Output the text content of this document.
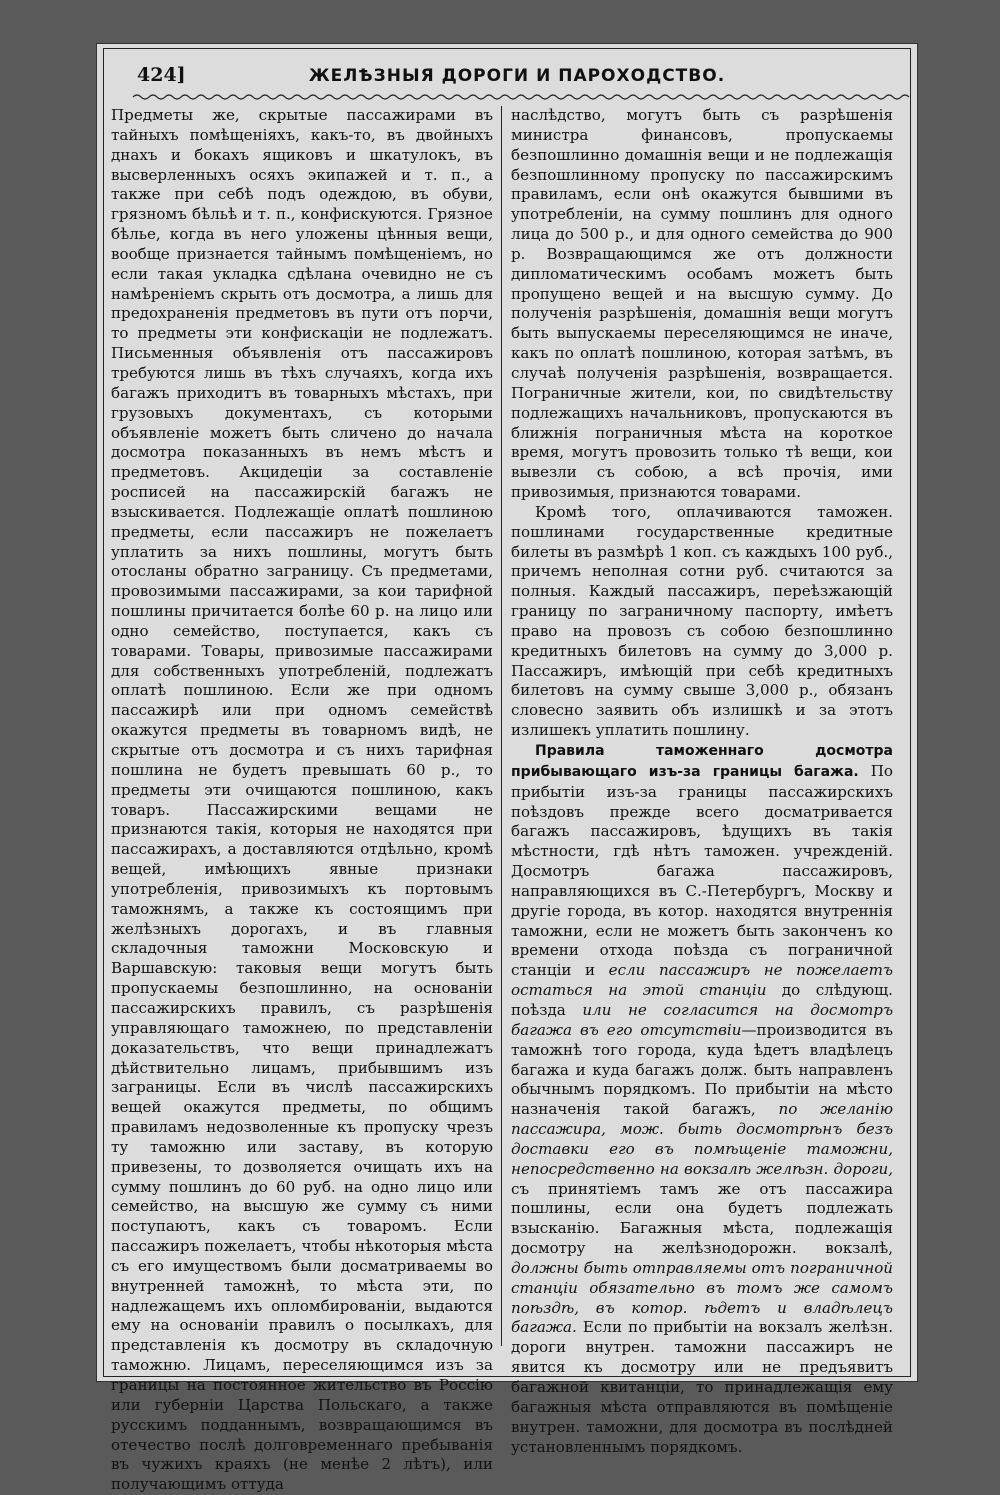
424]	ЖЕЛѢЗНЫЯ ДОРОГИ И ПАРОХОДСТВО.

Предметы же, скрытые пассажирами въ тайныхъ помѣщеніяхъ, какъ-то, въ двойныхъ днахъ и бокахъ ящиковъ и шкатулокъ, въ высверленныхъ осяхъ экипажей и т. п., а также при себѣ подъ одеждою, въ обуви, грязномъ бѣльѣ и т. п., конфискуются. Грязное бѣлье, когда въ него уложены цѣнныя вещи, вообще признается тайнымъ помѣщеніемъ, но если такая укладка сдѣлана очевидно не съ намѣреніемъ скрыть отъ досмотра, а лишь для предохраненія предметовъ въ пути отъ порчи, то предметы эти конфискаціи не подлежатъ. Письменныя объявленія отъ пассажировъ требуются лишь въ тѣхъ случаяхъ, когда ихъ багажъ приходитъ въ товарныхъ мѣстахъ, при грузовыхъ документахъ, съ которыми объявленіе можетъ быть сличено до начала досмотра показанныхъ въ немъ мѣстъ и предметовъ. Акцидеціи за составленіе росписей на пассажирскій багажъ не взыскивается. Подлежащіе оплатѣ пошлиною предметы, если пассажиръ не пожелаетъ уплатить за нихъ пошлины, могутъ быть отосланы обратно заграницу. Съ предметами, провозимыми пассажирами, за кои тарифной пошлины причитается болѣе 60 р. на лицо или одно семейство, поступается, какъ съ товарами. Товары, привозимые пассажирами для собственныхъ употребленій, подлежатъ оплатѣ пошлиною. Если же при одномъ пассажирѣ или при одномъ семействѣ окажутся предметы въ товарномъ видѣ, не скрытые отъ досмотра и съ нихъ тарифная пошлина не будетъ превышать 60 р., то предметы эти очищаются пошлиною, какъ товаръ. Пассажирскими вещами не признаются такія, которыя не находятся при пассажирахъ, а доставляются отдѣльно, кромѣ вещей, имѣющихъ явные признаки употребленія, привозимыхъ къ портовымъ таможнямъ, а также къ состоящимъ при желѣзныхъ дорогахъ, и въ главныя складочныя таможни Московскую и Варшавскую: таковыя вещи могутъ быть пропускаемы безпошлинно, на основаніи пассажирскихъ правилъ, съ разрѣшенія управляющаго таможнею, по представленіи доказательствъ, что вещи принадлежатъ дѣйствительно лицамъ, прибывшимъ изъ заграницы. Если въ числѣ пассажирскихъ вещей окажутся предметы, по общимъ правиламъ недозволенные къ пропуску чрезъ ту таможню или заставу, въ которую привезены, то дозволяется очищать ихъ на сумму пошлинъ до 60 руб. на одно лицо или семейство, на высшую же сумму съ ними поступаютъ, какъ съ товаромъ. Если пассажиръ пожелаетъ, чтобы нѣкоторыя мѣста съ его имуществомъ были досматриваемы во внутренней таможнѣ, то мѣста эти, по надлежащемъ ихъ опломбированіи, выдаются ему на основаніи правилъ о посылкахъ, для представленія къ досмотру въ складочную таможню. Лицамъ, переселяющимся изъ за границы на постоянное жительство въ Россію или губерніи Царства Польскаго, а также русскимъ подданнымъ, возвращающимся въ отечество послѣ долговременнаго пребыванія въ чужихъ краяхъ (не менѣе 2 лѣтъ), или получающимъ оттуда

наслѣдство, могутъ быть съ разрѣшенія министра финансовъ, пропускаемы безпошлинно домашнія вещи и не подлежащія безпошлинному пропуску по пассажирскимъ правиламъ, если онѣ окажутся бывшими въ употребленіи, на сумму пошлинъ для одного лица до 500 р., и для одного семейства до 900 р. Возвращающимся же отъ должности дипломатическимъ особамъ можетъ быть пропущено вещей и на высшую сумму. До полученія разрѣшенія, домашнія вещи могутъ быть выпускаемы переселяющимся не иначе, какъ по оплатѣ пошлиною, которая затѣмъ, въ случаѣ полученія разрѣшенія, возвращается. Пограничные жители, кои, по свидѣтельству подлежащихъ начальниковъ, пропускаются въ ближнія пограничныя мѣста на короткое время, могутъ провозить только тѣ вещи, кои вывезли съ собою, а всѣ прочія, ими привозимыя, признаются товарами.

Кромѣ того, оплачиваются таможен. пошлинами государственные кредитные билеты въ размѣрѣ 1 коп. съ каждыхъ 100 руб., причемъ неполная сотни руб. считаются за полныя. Каждый пассажиръ, переѣзжающій границу по заграничному паспорту, имѣетъ право на провозъ съ собою безпошлинно кредитныхъ билетовъ на сумму до 3,000 р. Пассажиръ, имѣющій при себѣ кредитныхъ билетовъ на сумму свыше 3,000 р., обязанъ словесно заявить объ излишкѣ и за этотъ излишекъ уплатить пошлину.

Правила таможеннаго досмотра прибывающаго изъ-за границы багажа. По прибытіи изъ-за границы пассажирскихъ поѣздовъ прежде всего досматривается багажъ пассажировъ, ѣдущихъ въ такія мѣстности, гдѣ нѣтъ таможен. учрежденій. Досмотръ багажа пассажировъ, направляющихся въ С.-Петербургъ, Москву и другіе города, въ котор. находятся внутреннія таможни, если не можетъ быть законченъ ко времени отхода поѣзда съ пограничной станціи и если пассажиръ не пожелаетъ остаться на этой станціи до слѣдующ. поѣзда или не согласится на досмотръ багажа въ его отсутствіи—производится въ таможнѣ того города, куда ѣдетъ владѣлецъ багажа и куда багажъ долж. быть направленъ обычнымъ порядкомъ. По прибытіи на мѣсто назначенія такой багажъ, по желанію пассажира, мож. быть досмотрѣнъ безъ доставки его въ помѣщеніе таможни, непосредственно на вокзалѣ желѣзн. дороги, съ принятіемъ тамъ же отъ пассажира пошлины, если она будетъ подлежать взысканію. Багажныя мѣста, подлежащія досмотру на желѣзнодорожн. вокзалѣ, должны быть отправляемы отъ пограничной станціи обязательно въ томъ же самомъ поѣздѣ, въ котор. ѣдетъ и владѣлецъ багажа. Если по прибытіи на вокзалъ желѣзн. дороги внутрен. таможни пассажиръ не явится къ досмотру или не предъявитъ багажной квитанціи, то принадлежащія ему багажныя мѣста отправляются въ помѣщеніе внутрен. таможни, для досмотра въ послѣдней установленнымъ порядкомъ.
